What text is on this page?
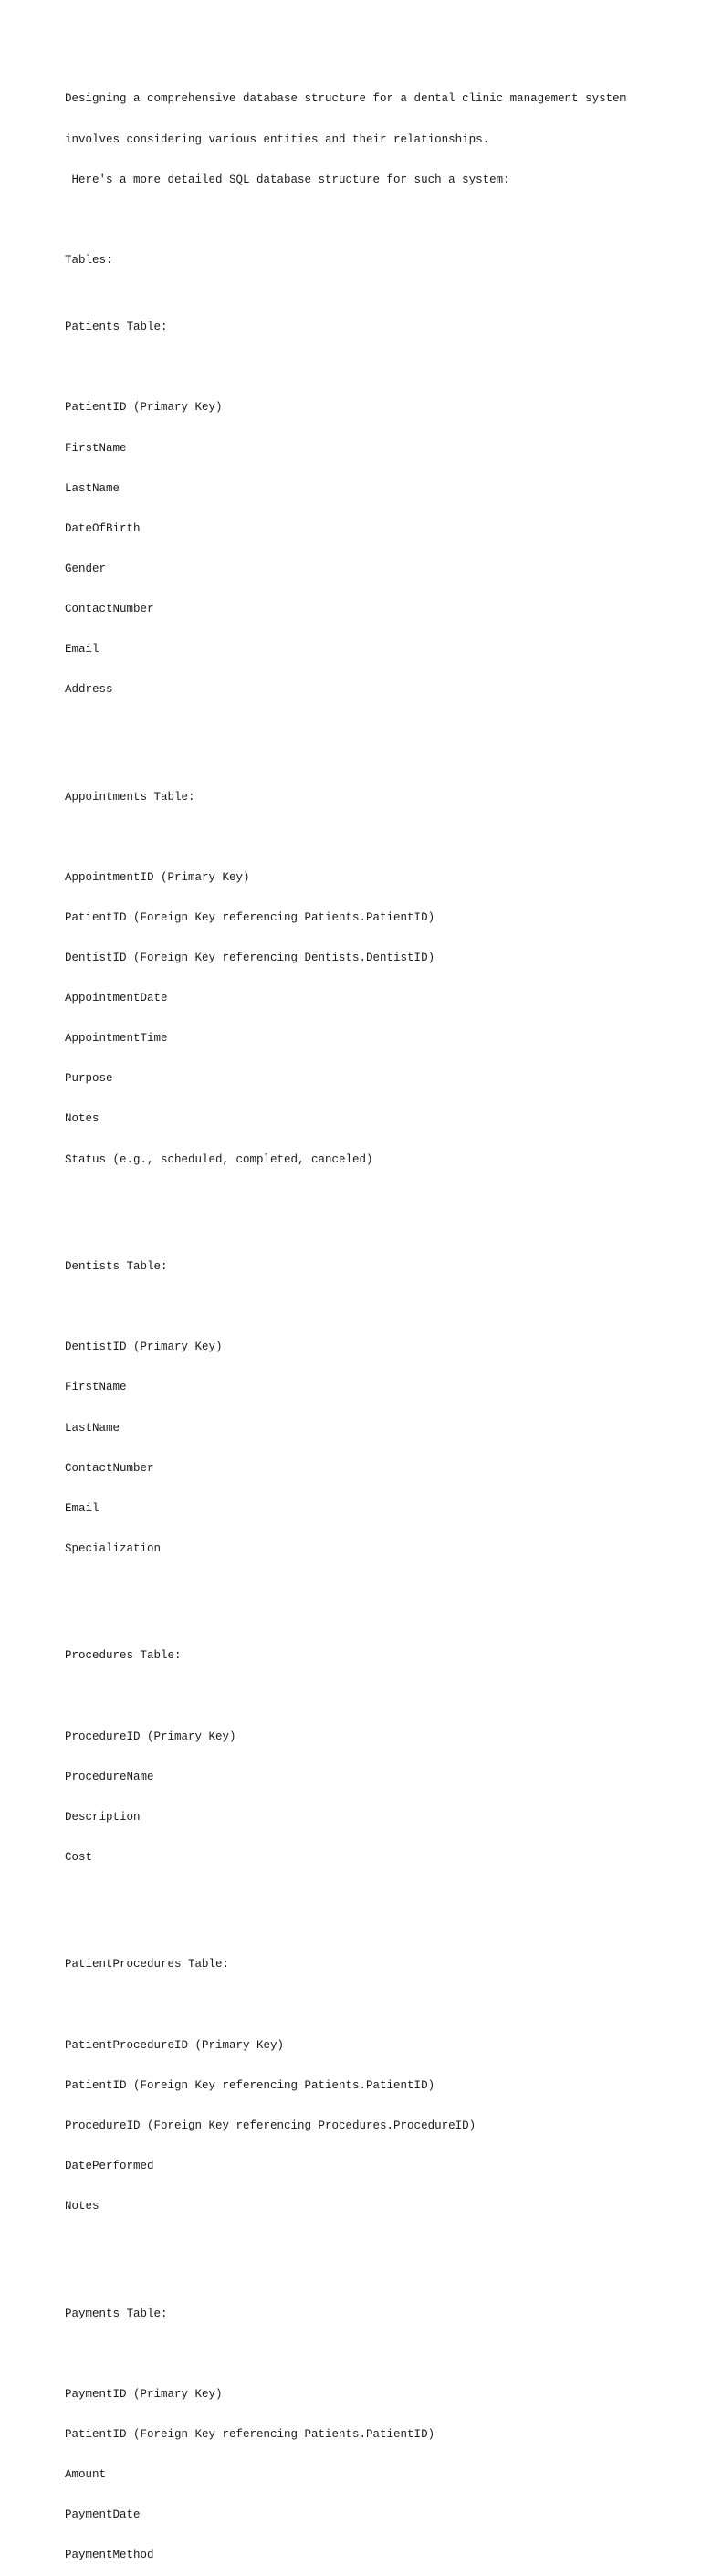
Designing a comprehensive database structure for a dental clinic management system

involves considering various entities and their relationships.

Here's a more detailed SQL database structure for such a system:

Tables:

Patients Table:

PatientID (Primary Key)

FirstName

LastName

DateOfBirth

Gender

ContactNumber

Email

Address

Appointments Table:

AppointmentID (Primary Key)

PatientID (Foreign Key referencing Patients.PatientID)

DentistID (Foreign Key referencing Dentists.DentistID)

AppointmentDate

AppointmentTime

Purpose

Notes

Status (e.g., scheduled, completed, canceled)

Dentists Table:

DentistID (Primary Key)

FirstName

LastName

ContactNumber

Email

Specialization

Procedures Table:

ProcedureID (Primary Key)

ProcedureName

Description

Cost

PatientProcedures Table:

PatientProcedureID (Primary Key)

PatientID (Foreign Key referencing Patients.PatientID)

ProcedureID (Foreign Key referencing Procedures.ProcedureID)

DatePerformed

Notes

Payments Table:

PaymentID (Primary Key)

PatientID (Foreign Key referencing Patients.PatientID)

Amount

PaymentDate

PaymentMethod
